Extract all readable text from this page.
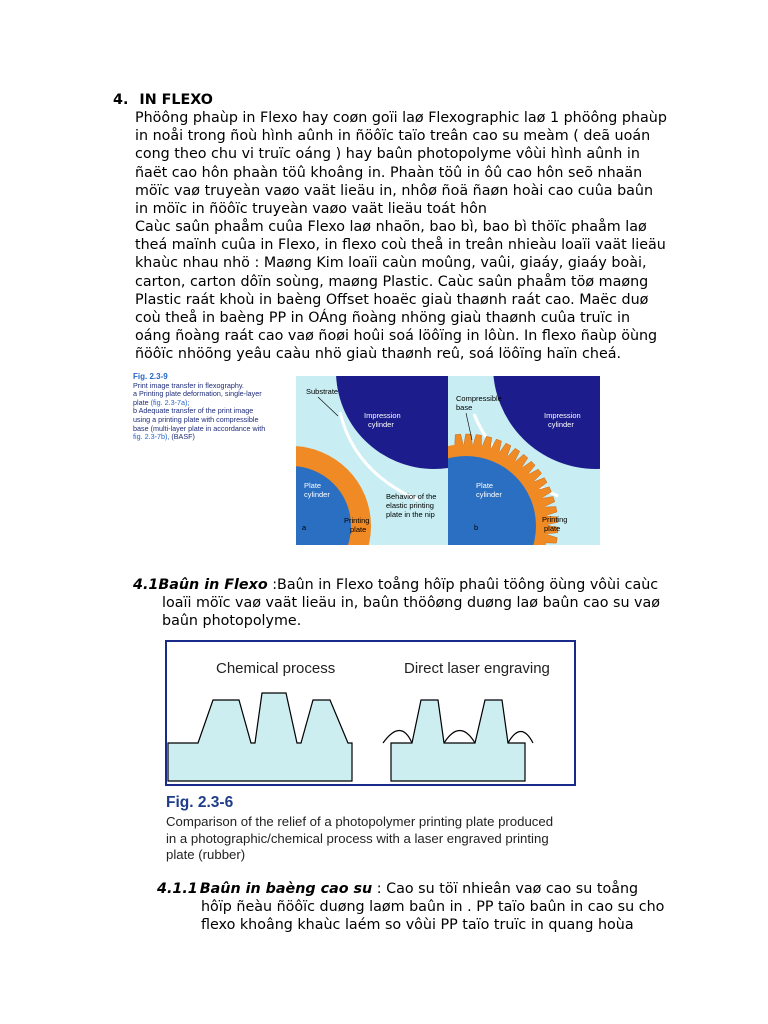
4. IN FLEXO

Phöông phaùp in Flexo hay coøn goïi laø Flexographic laø 1 phöông phaùp

in noåi trong ñoù hình aûnh in ñöôïc taïo treân cao su meàm ( deã uoán

cong theo chu vi truïc oáng ) hay baûn photopolyme vôùi hình aûnh in

ñaët cao hôn phaàn töû khoâng in. Phaàn töû in ôû cao hôn seõ nhaän

möïc vaø truyeàn vaøo vaät lieäu in, nhôø ñoä ñaøn hoài cao cuûa baûn

in möïc in ñöôïc truyeàn vaøo vaät lieäu toát hôn

Caùc saûn phaåm cuûa Flexo laø nhaõn, bao bì, bao bì thöïc phaåm laø

theá maïnh cuûa in Flexo, in flexo coù theå in treân nhieàu loaïi vaät lieäu

khaùc nhau nhö : Maøng Kim loaïi caùn moûng, vaûi, giaáy, giaáy boài,

carton, carton dôïn soùng, maøng Plastic. Caùc saûn phaåm töø maøng

Plastic raát khoù in baèng Offset hoaëc giaù thaønh raát cao. Maëc duø

coù theå in baèng PP in OÁng ñoàng nhöng giaù thaønh cuûa truïc in

oáng ñoàng raát cao vaø ñoøi hoûi soá löôïng in lôùn. In flexo ñaùp öùng

ñöôïc nhöõng yeâu caàu nhö giaù thaønh reû, soá löôïng haïn cheá.

Fig. 2.3-9
Print image transfer in flexography.
a Printing plate deformation, single-layer
plate (fig. 2.3-7a);
b Adequate transfer of the print image
using a printing plate with compressible
base (multi-layer plate in accordance with
fig. 2.3-7b), (BASF)
Substrate
Impression
cylinder
Plate
cylinder	Behavior of the
elastic printing
plate in the nip
Printing
plate
a
Compressible
base
Impression
cylinder
Plate
cylinder
Printing
plate
b
4.1Baûn in Flexo :Baûn in Flexo toång hôïp phaûi töông öùng vôùi caùc
loaïi möïc vaø vaät lieäu in, baûn thöôøng duøng laø baûn cao su vaø
baûn photopolyme.
Chemical process	Direct laser engraving
Fig. 2.3-6
Comparison of the relief of a photopolymer printing plate produced
in a photographic/chemical process with a laser engraved printing
plate (rubber)
4.1.1 Baûn in baèng cao su : Cao su töï nhieân vaø cao su toång
hôïp ñeàu ñöôïc duøng laøm baûn in . PP taïo baûn in cao su cho
flexo khoâng khaùc laém so vôùi PP taïo truïc in quang hoùa
